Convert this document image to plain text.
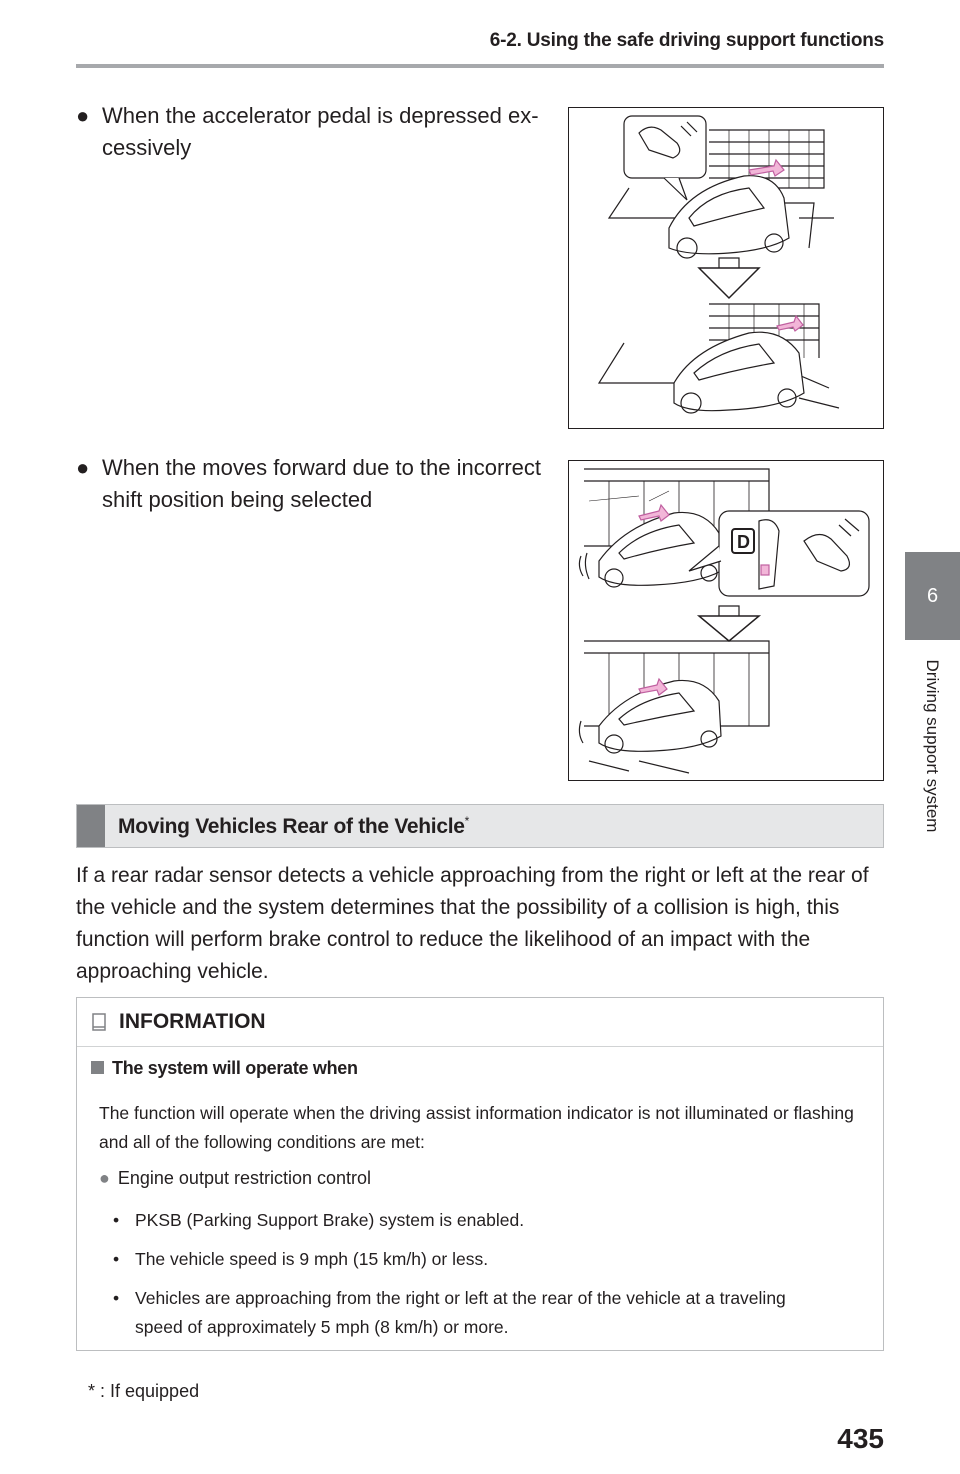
6-2. Using the safe driving support functions
6
Driving support system
● When the accelerator pedal is depressed ex-cessively
● When the moves forward due to the incorrect shift position being selected
D
Moving Vehicles Rear of the Vehicle*
If a rear radar sensor detects a vehicle approaching from the right or left at the rear of the vehicle and the system determines that the possibility of a collision is high, this function will perform brake control to reduce the likelihood of an impact with the approaching vehicle.
INFORMATION
The system will operate when
The function will operate when the driving assist information indicator is not illuminated or flashing and all of the following conditions are met:
● Engine output restriction control
• PKSB (Parking Support Brake) system is enabled.
• The vehicle speed is 9 mph (15 km/h) or less.
• Vehicles are approaching from the right or left at the rear of the vehicle at a traveling speed of approximately 5 mph (8 km/h) or more.
* : If equipped
435
